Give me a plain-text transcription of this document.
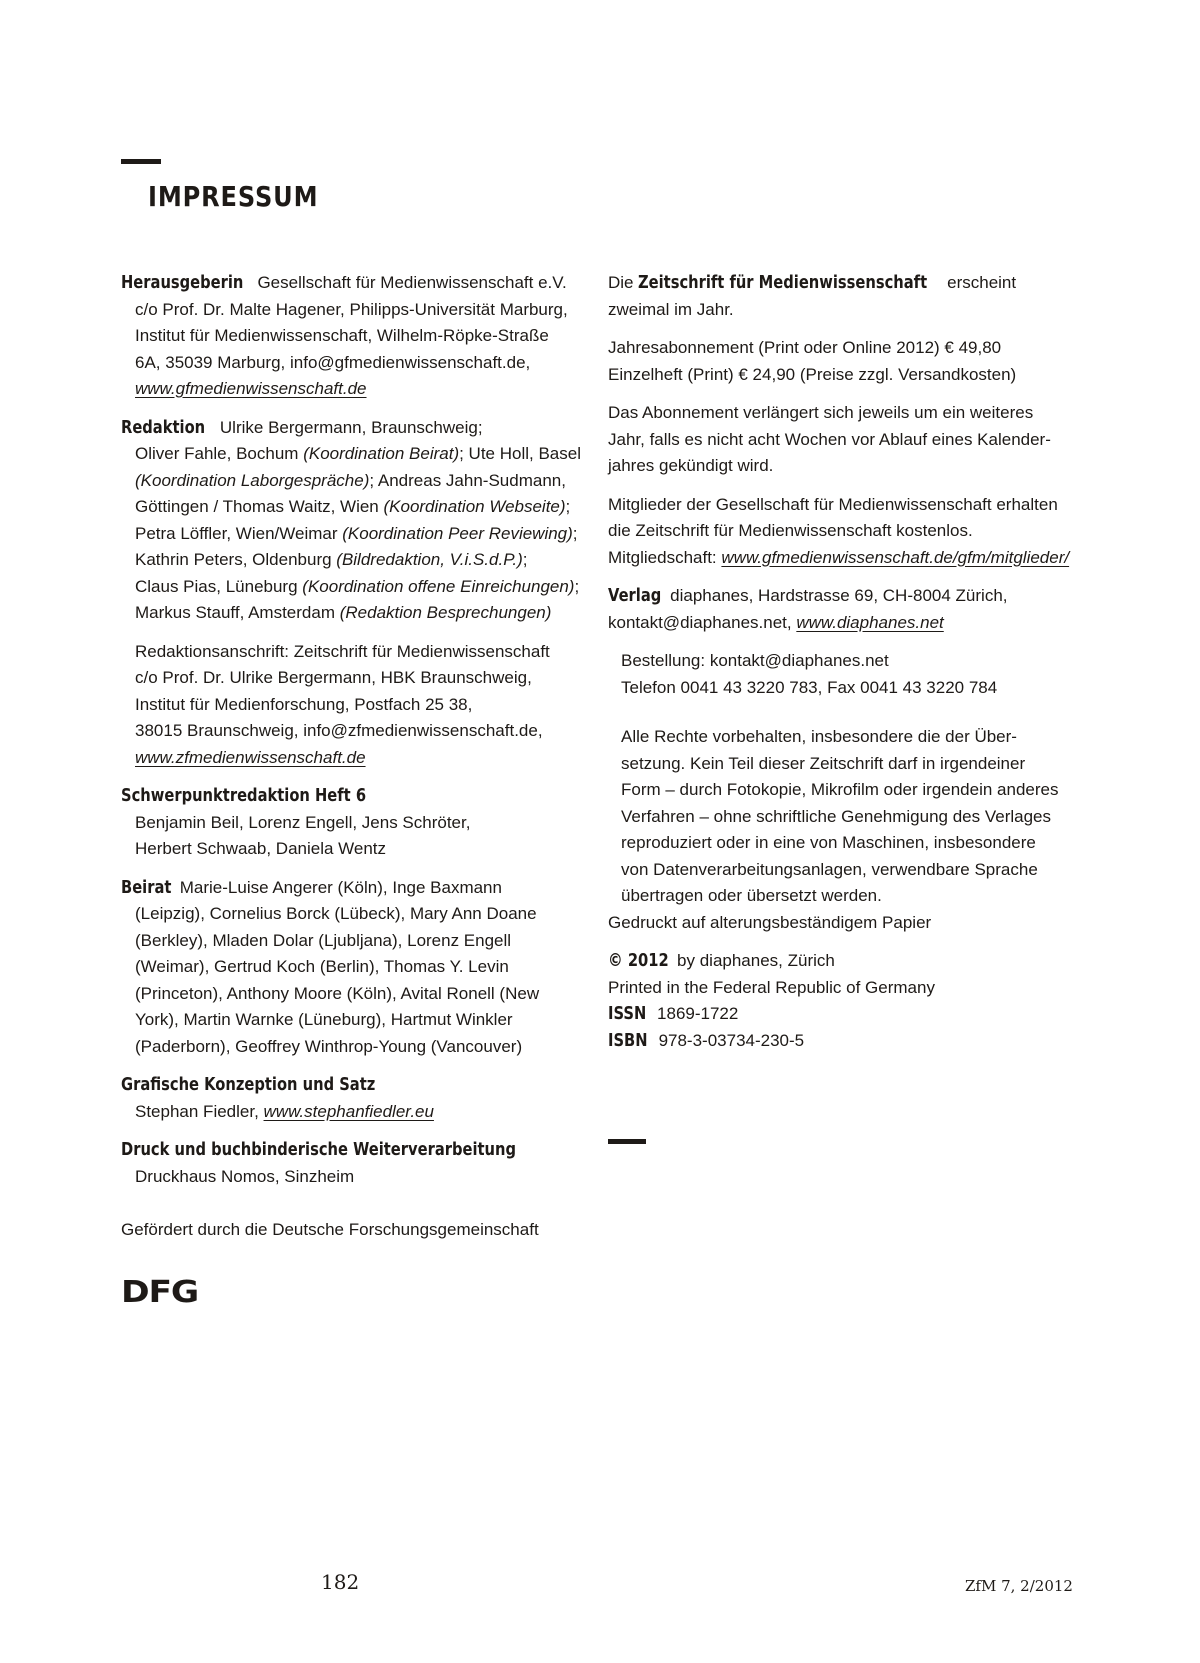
IMPRESSUM

Herausgeberin Gesellschaft für Medienwissenschaft e.V.

c/o Prof. Dr. Malte Hagener, Philipps-Universität Marburg,

Institut für Medienwissenschaft, Wilhelm-Röpke-Straße

6A, 35039 Marburg, info@gfmedienwissenschaft.de,

www.gfmedienwissenschaft.de

Redaktion Ulrike Bergermann, Braunschweig;

Oliver Fahle, Bochum (Koordination Beirat); Ute Holl, Basel

(Koordination Laborgespräche); Andreas Jahn-Sudmann,

Göttingen / Thomas Waitz, Wien (Koordination Webseite);

Petra Löffler, Wien/Weimar (Koordination Peer Reviewing);

Kathrin Peters, Oldenburg (Bildredaktion, V.i.S.d.P.);

Claus Pias, Lüneburg (Koordination offene Einreichungen);

Markus Stauff, Amsterdam (Redaktion Besprechungen)

Redaktionsanschrift: Zeitschrift für Medienwissenschaft

c/o Prof. Dr. Ulrike Bergermann, HBK Braunschweig,

Institut für Medienforschung, Postfach 25 38,

38015 Braunschweig, info@zfmedienwissenschaft.de,

www.zfmedienwissenschaft.de

Schwerpunktredaktion Heft 6

Benjamin Beil, Lorenz Engell, Jens Schröter,

Herbert Schwaab, Daniela Wentz

Beirat Marie-Luise Angerer (Köln), Inge Baxmann

(Leipzig), Cornelius Borck (Lübeck), Mary Ann Doane

(Berkley), Mladen Dolar (Ljubljana), Lorenz Engell

(Weimar), Gertrud Koch (Berlin), Thomas Y. Levin

(Princeton), Anthony Moore (Köln), Avital Ronell (New

York), Martin Warnke (Lüneburg), Hartmut Winkler

(Paderborn), Geoffrey Winthrop-Young (Vancouver)

Grafische Konzeption und Satz

Stephan Fiedler, www.stephanfiedler.eu

Druck und buchbinderische Weiterverarbeitung

Druckhaus Nomos, Sinzheim

Gefördert durch die Deutsche Forschungsgemeinschaft

DFG

Die Zeitschrift für Medienwissenschaft erscheint

zweimal im Jahr.

Jahresabonnement (Print oder Online 2012) € 49,80

Einzelheft (Print) € 24,90 (Preise zzgl. Versandkosten)

Das Abonnement verlängert sich jeweils um ein weiteres

Jahr, falls es nicht acht Wochen vor Ablauf eines Kalender-

jahres gekündigt wird.

Mitglieder der Gesellschaft für Medienwissenschaft erhalten

die Zeitschrift für Medienwissenschaft kostenlos.

Mitgliedschaft: www.gfmedienwissenschaft.de/gfm/mitglieder/

Verlag diaphanes, Hardstrasse 69, CH-8004 Zürich,

kontakt@diaphanes.net, www.diaphanes.net

Bestellung: kontakt@diaphanes.net

Telefon 0041 43 3220 783, Fax 0041 43 3220 784

Alle Rechte vorbehalten, insbesondere die der Über-

setzung. Kein Teil dieser Zeitschrift darf in irgendeiner

Form – durch Fotokopie, Mikrofilm oder irgendein anderes

Verfahren – ohne schriftliche Genehmigung des Verlages

reproduziert oder in eine von Maschinen, insbesondere

von Datenverarbeitungsanlagen, verwendbare Sprache

übertragen oder übersetzt werden.

Gedruckt auf alterungsbeständigem Papier

© 2012 by diaphanes, Zürich

Printed in the Federal Republic of Germany

ISSN 1869-1722

ISBN 978-3-03734-230-5

182	ZfM 7, 2/2012
